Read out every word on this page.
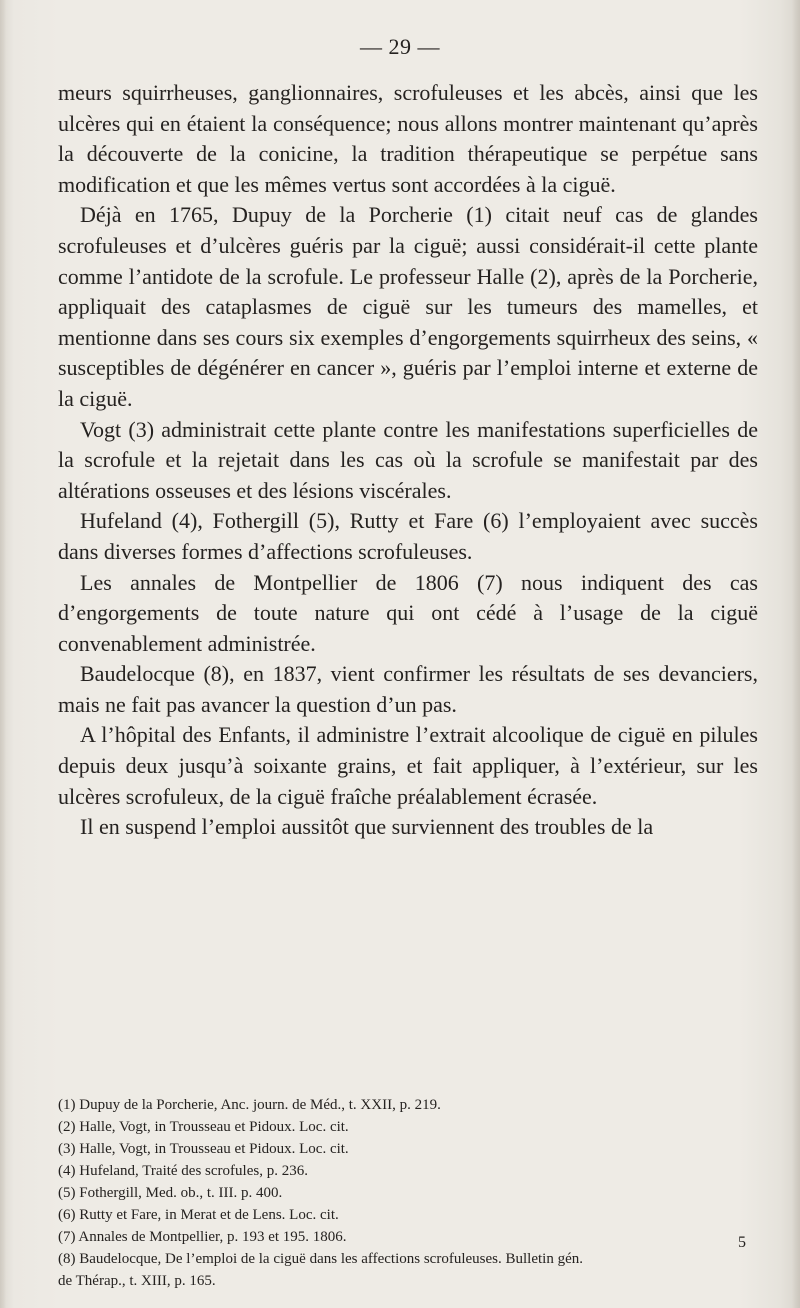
— 29 —

meurs squirrheuses, ganglionnaires, scrofuleuses et les abcès, ainsi que les ulcères qui en étaient la conséquence; nous allons montrer maintenant qu’après la découverte de la conicine, la tradition thérapeutique se perpétue sans modification et que les mêmes vertus sont accordées à la ciguë.

Déjà en 1765, Dupuy de la Porcherie (1) citait neuf cas de glandes scrofuleuses et d’ulcères guéris par la ciguë; aussi considérait-il cette plante comme l’antidote de la scrofule. Le professeur Halle (2), après de la Porcherie, appliquait des cataplasmes de ciguë sur les tumeurs des mamelles, et mentionne dans ses cours six exemples d’engorgements squirrheux des seins, « susceptibles de dégénérer en cancer », guéris par l’emploi interne et externe de la ciguë.

Vogt (3) administrait cette plante contre les manifestations superficielles de la scrofule et la rejetait dans les cas où la scrofule se manifestait par des altérations osseuses et des lésions viscérales.

Hufeland (4), Fothergill (5), Rutty et Fare (6) l’employaient avec succès dans diverses formes d’affections scrofuleuses.

Les annales de Montpellier de 1806 (7) nous indiquent des cas d’engorgements de toute nature qui ont cédé à l’usage de la ciguë convenablement administrée.

Baudelocque (8), en 1837, vient confirmer les résultats de ses devanciers, mais ne fait pas avancer la question d’un pas.

A l’hôpital des Enfants, il administre l’extrait alcoolique de ciguë en pilules depuis deux jusqu’à soixante grains, et fait appliquer, à l’extérieur, sur les ulcères scrofuleux, de la ciguë fraîche préalablement écrasée.

Il en suspend l’emploi aussitôt que surviennent des troubles de la

(1) Dupuy de la Porcherie, Anc. journ. de Méd., t. XXII, p. 219.

(2) Halle, Vogt, in Trousseau et Pidoux. Loc. cit.

(3) Halle, Vogt, in Trousseau et Pidoux. Loc. cit.

(4) Hufeland, Traité des scrofules, p. 236.

(5) Fothergill, Med. ob., t. III. p. 400.

(6) Rutty et Fare, in Merat et de Lens. Loc. cit.

(7) Annales de Montpellier, p. 193 et 195. 1806.

(8) Baudelocque, De l’emploi de la ciguë dans les affections scrofuleuses. Bulletin gén.

de Thérap., t. XIII, p. 165.

5
